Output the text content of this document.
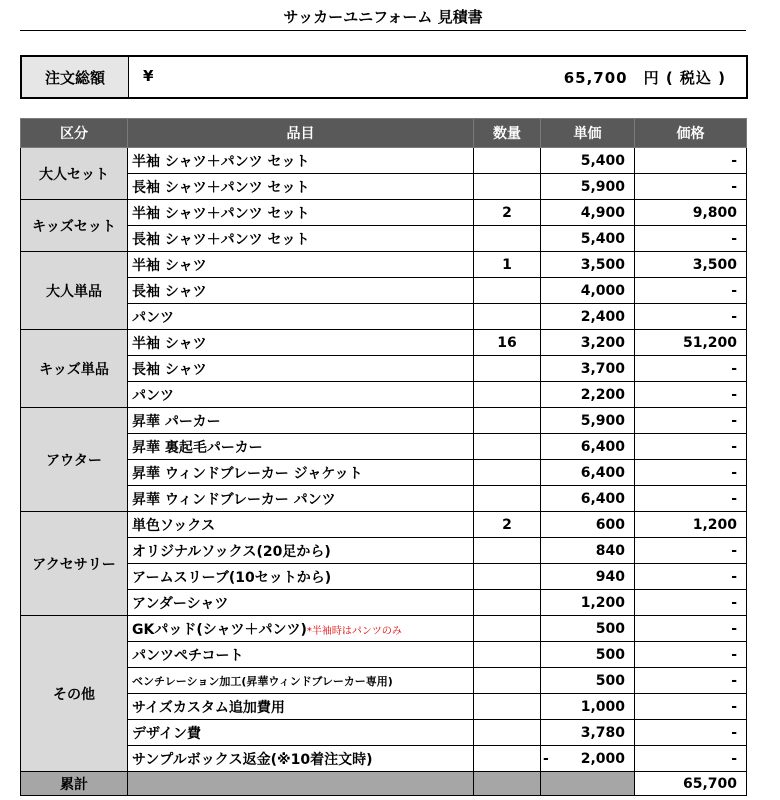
サッカーユニフォーム 見積書
注文総額	¥	65,700　円 ( 税込 )
区分	品目	数量	単価	価格
大人セット	半袖 シャツ＋パンツ セット		5,400	-
	長袖 シャツ＋パンツ セット		5,900	-
キッズセット	半袖 シャツ＋パンツ セット	2	4,900	9,800
	長袖 シャツ＋パンツ セット		5,400	-
大人単品	半袖 シャツ	1	3,500	3,500
	長袖 シャツ		4,000	-
	パンツ		2,400	-
キッズ単品	半袖 シャツ	16	3,200	51,200
	長袖 シャツ		3,700	-
	パンツ		2,200	-
アウター	昇華 パーカー		5,900	-
	昇華 裏起毛パーカー		6,400	-
	昇華 ウィンドブレーカー ジャケット		6,400	-
	昇華 ウィンドブレーカー パンツ		6,400	-
アクセサリー	単色ソックス	2	600	1,200
	オリジナルソックス(20足から)		840	-
	アームスリーブ(10セットから)		940	-
	アンダーシャツ		1,200	-
その他	GKパッド(シャツ＋パンツ)*半袖時はパンツのみ		500	-
	パンツペチコート		500	-
	ベンチレーション加工(昇華ウィンドブレーカー専用)		500	-
	サイズカスタム追加費用		1,000	-
	デザイン費		3,780	-
	サンプルボックス返金(※10着注文時)		- 2,000	-
累計				65,700
